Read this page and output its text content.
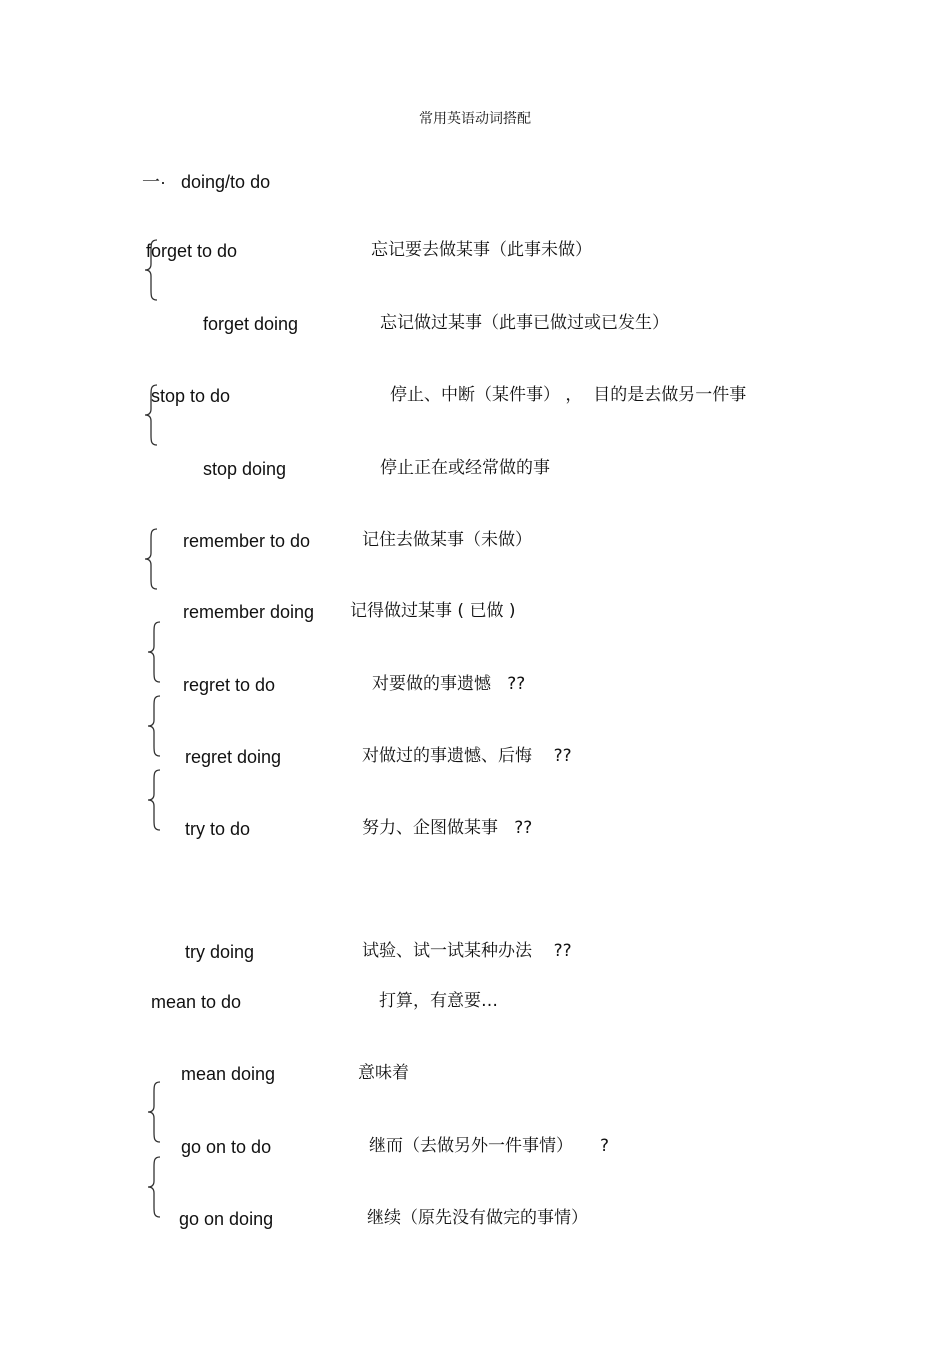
常用英语动词搭配
一· doing/to do
forget to do	忘记要去做某事（此事未做）
forget doing	忘记做过某事（此事已做过或已发生）
stop to do	停止、中断（某件事） ，  目的是去做另一件事
stop doing	停止正在或经常做的事
remember to do	记住去做某事（未做）
remember doing 记得做过某事 ( 已做 )
regret to do	对要做的事遗憾   ??
regret doing	对做过的事遗憾、后悔    ??
try to do	努力、企图做某事   ??
try doing	试验、试一试某种办法    ??
mean to do	打算，有意要…
mean doing	意味着
go on to do	继而（去做另外一件事情）     ?
go on doing	继续（原先没有做完的事情）
